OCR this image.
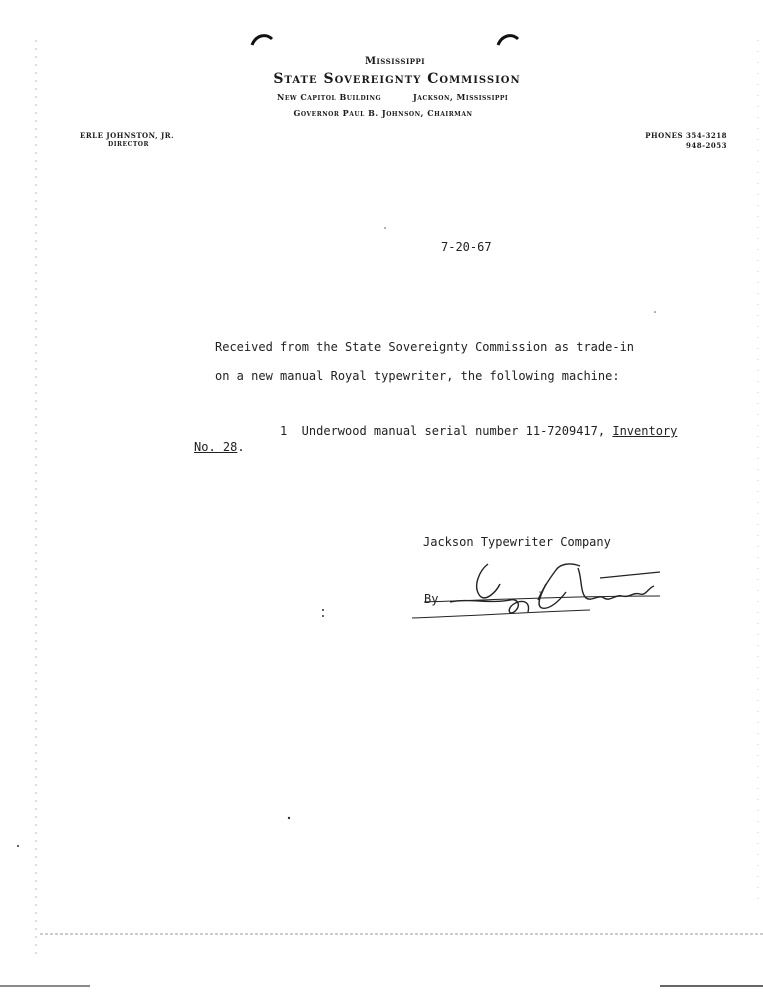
Mississippi
State Sovereignty Commission
New Capitol Building	Jackson, Mississippi
Governor Paul B. Johnson, Chairman
ERLE JOHNSTON, JR.
DIRECTOR
PHONES 354-3218
948-2053
7-20-67
Received from the State Sovereignty Commission as trade-in
on a new manual Royal typewriter, the following machine:
1  Underwood manual serial number 11-7209417, Inventory
No. 28.
Jackson Typewriter Company
By
